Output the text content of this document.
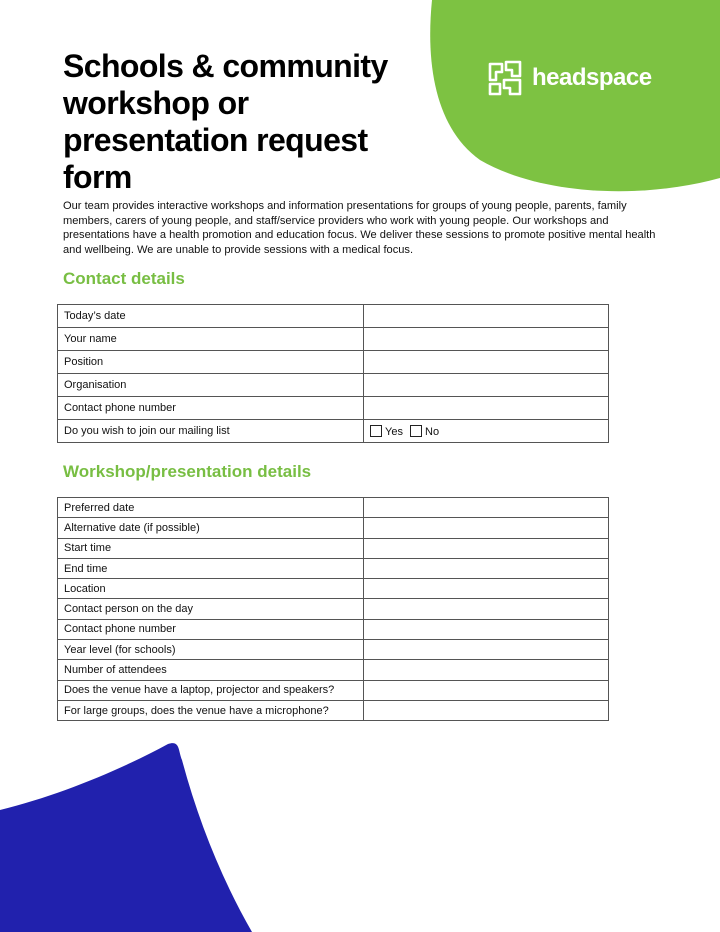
headspace
Schools & community workshop or presentation request form

Our team provides interactive workshops and information presentations for groups of young people, parents, family members, carers of young people, and staff/service providers who work with young people. Our workshops and presentations have a health promotion and education focus. We deliver these sessions to promote positive mental health and wellbeing. We are unable to provide sessions with a medical focus.

Contact details
Today’s date	
Your name	
Position	
Organisation	
Contact phone number	
Do you wish to join our mailing list	Yes No
Workshop/presentation details
Preferred date	
Alternative date (if possible)	
Start time	
End time	
Location	
Contact person on the day	
Contact phone number	
Year level (for schools)	
Number of attendees	
Does the venue have a laptop, projector and speakers?	
For large groups, does the venue have a microphone?	
